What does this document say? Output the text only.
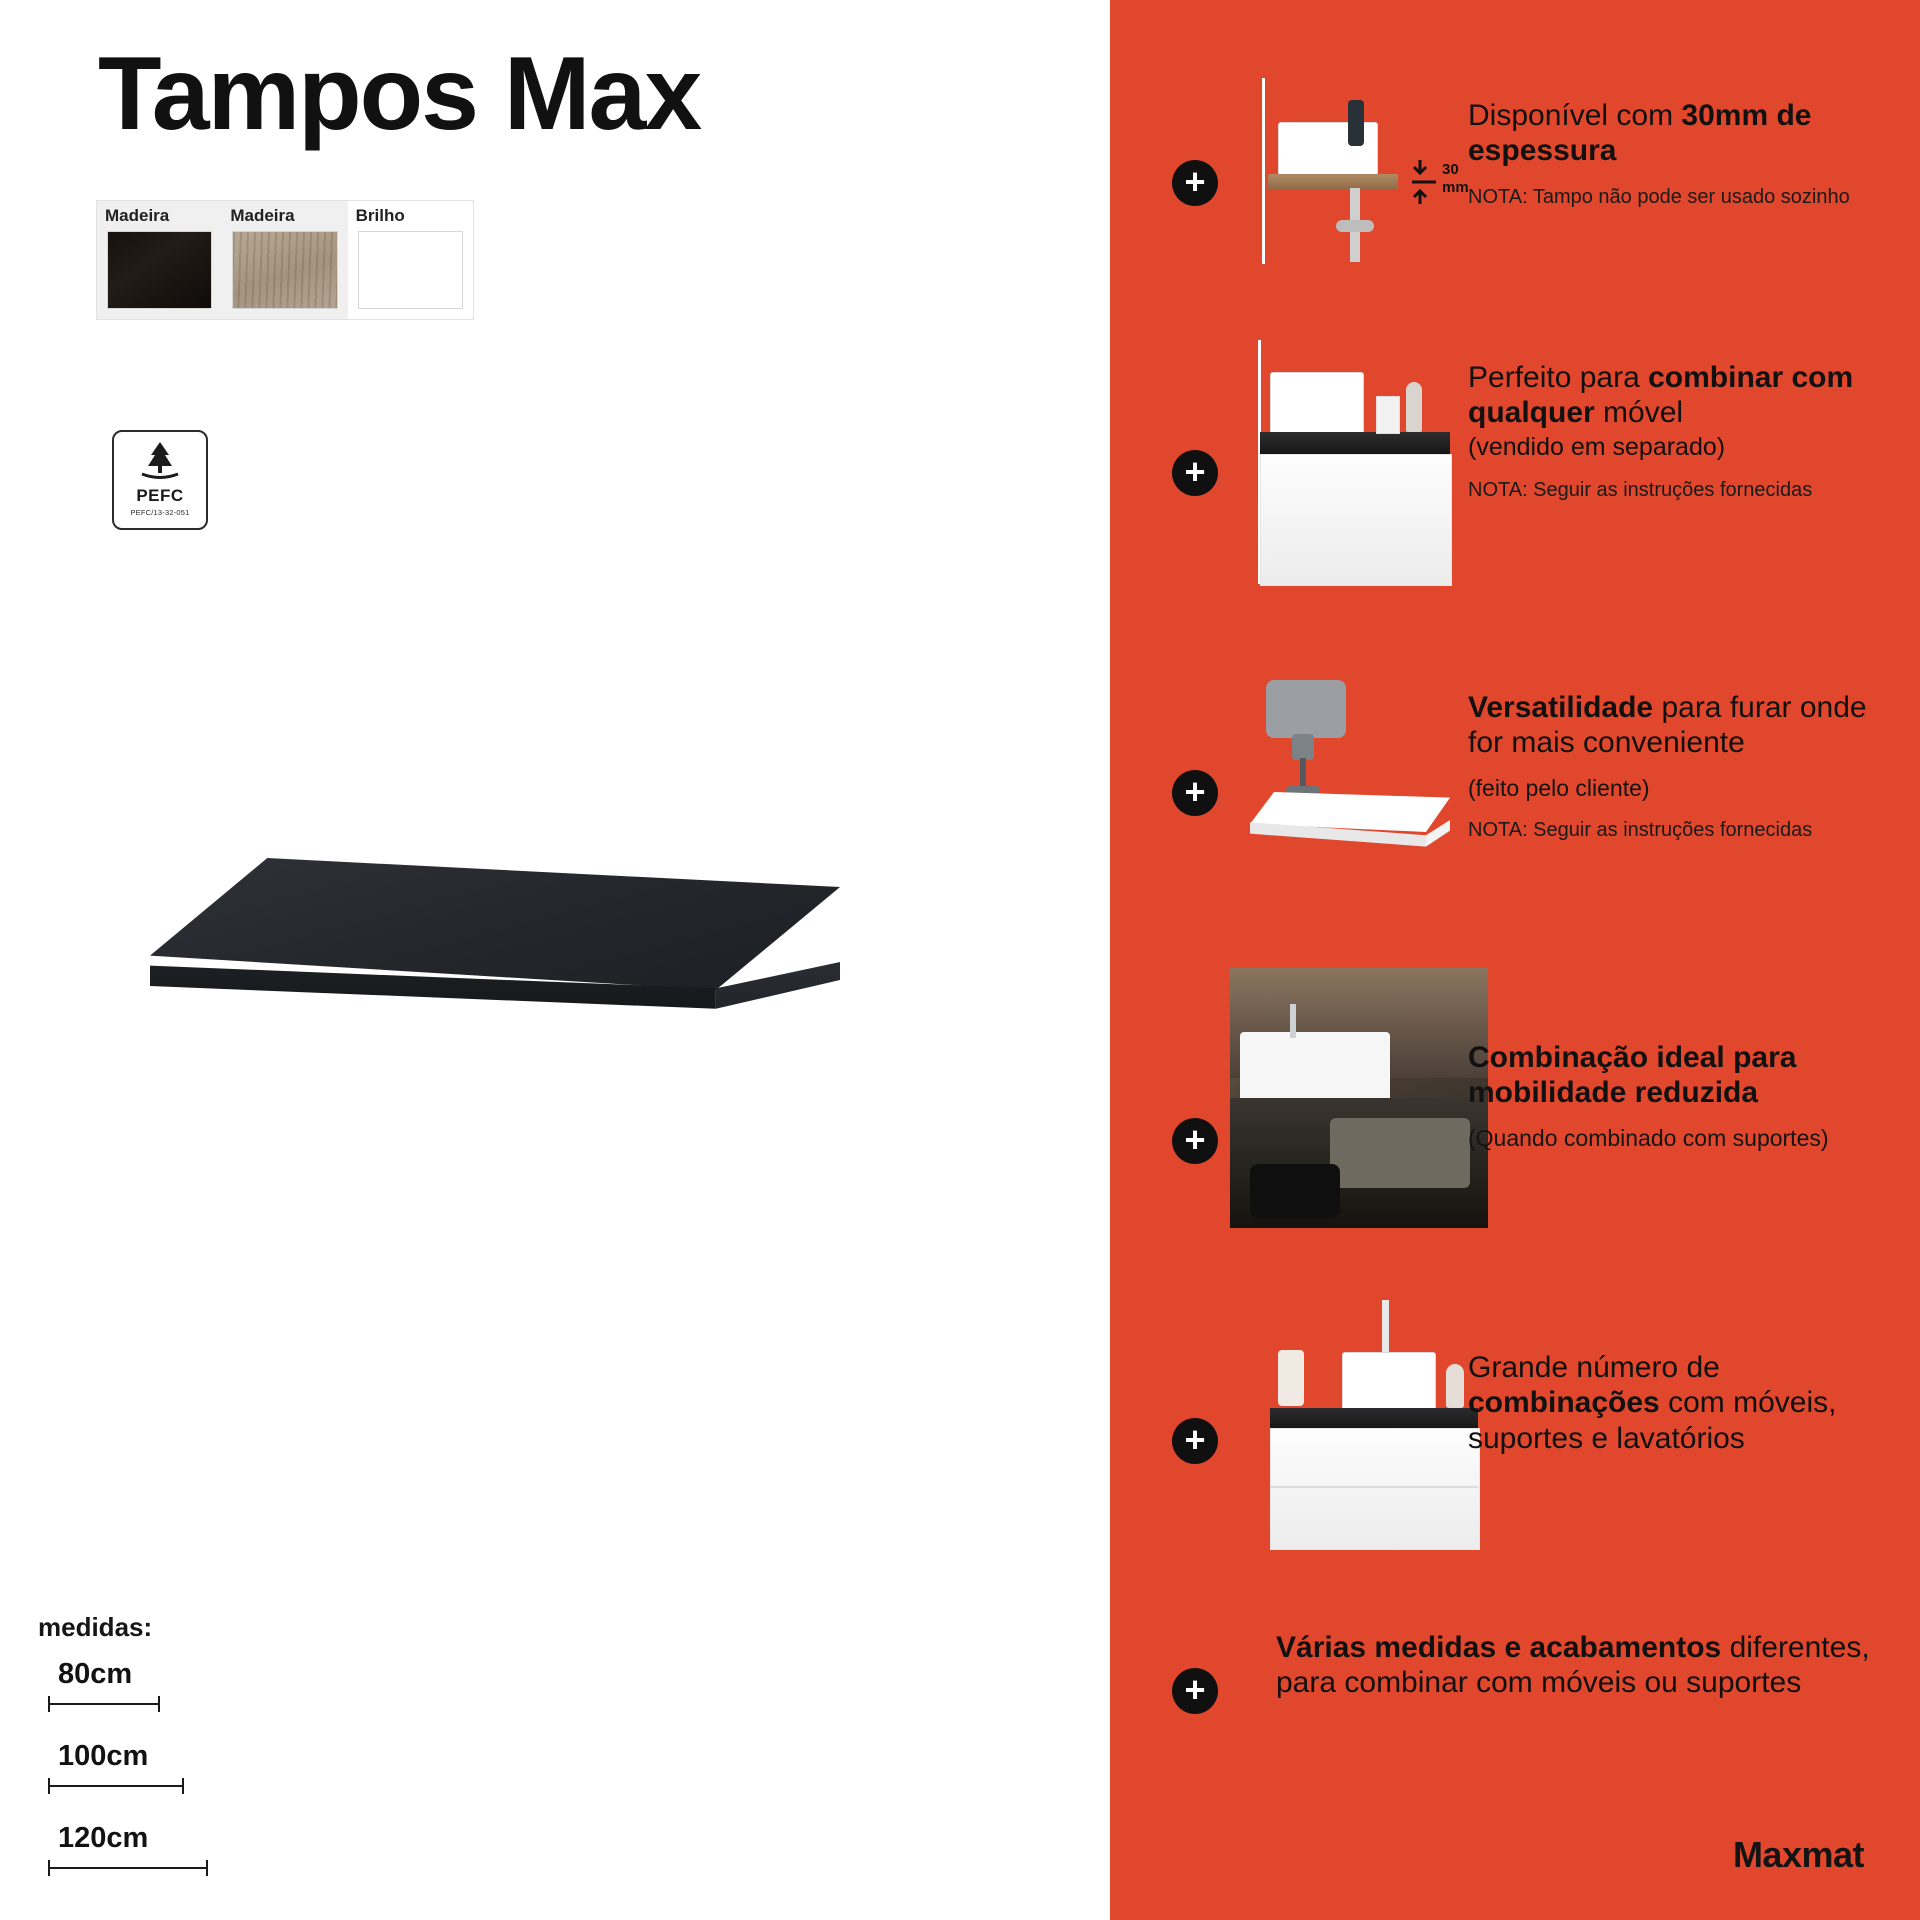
Tampos Max
Madeira	Madeira	Brilho
PEFC
PEFC/13-32-051
medidas:
80cm
100cm
120cm
+	30
mm
Disponível com 30mm de espessura
NOTA: Tampo não pode ser usado sozinho
+
Perfeito para combinar com qualquer móvel
(vendido em separado)
NOTA: Seguir as instruções fornecidas
+
Versatilidade para furar onde for mais conveniente
(feito pelo cliente)
NOTA: Seguir as instruções fornecidas
+
Combinação ideal para mobilidade reduzida
(Quando combinado com suportes)
+
Grande número de combinações com móveis, suportes e lavatórios
+
Várias medidas e acabamentos diferentes, para combinar com móveis ou suportes
Maxmat
